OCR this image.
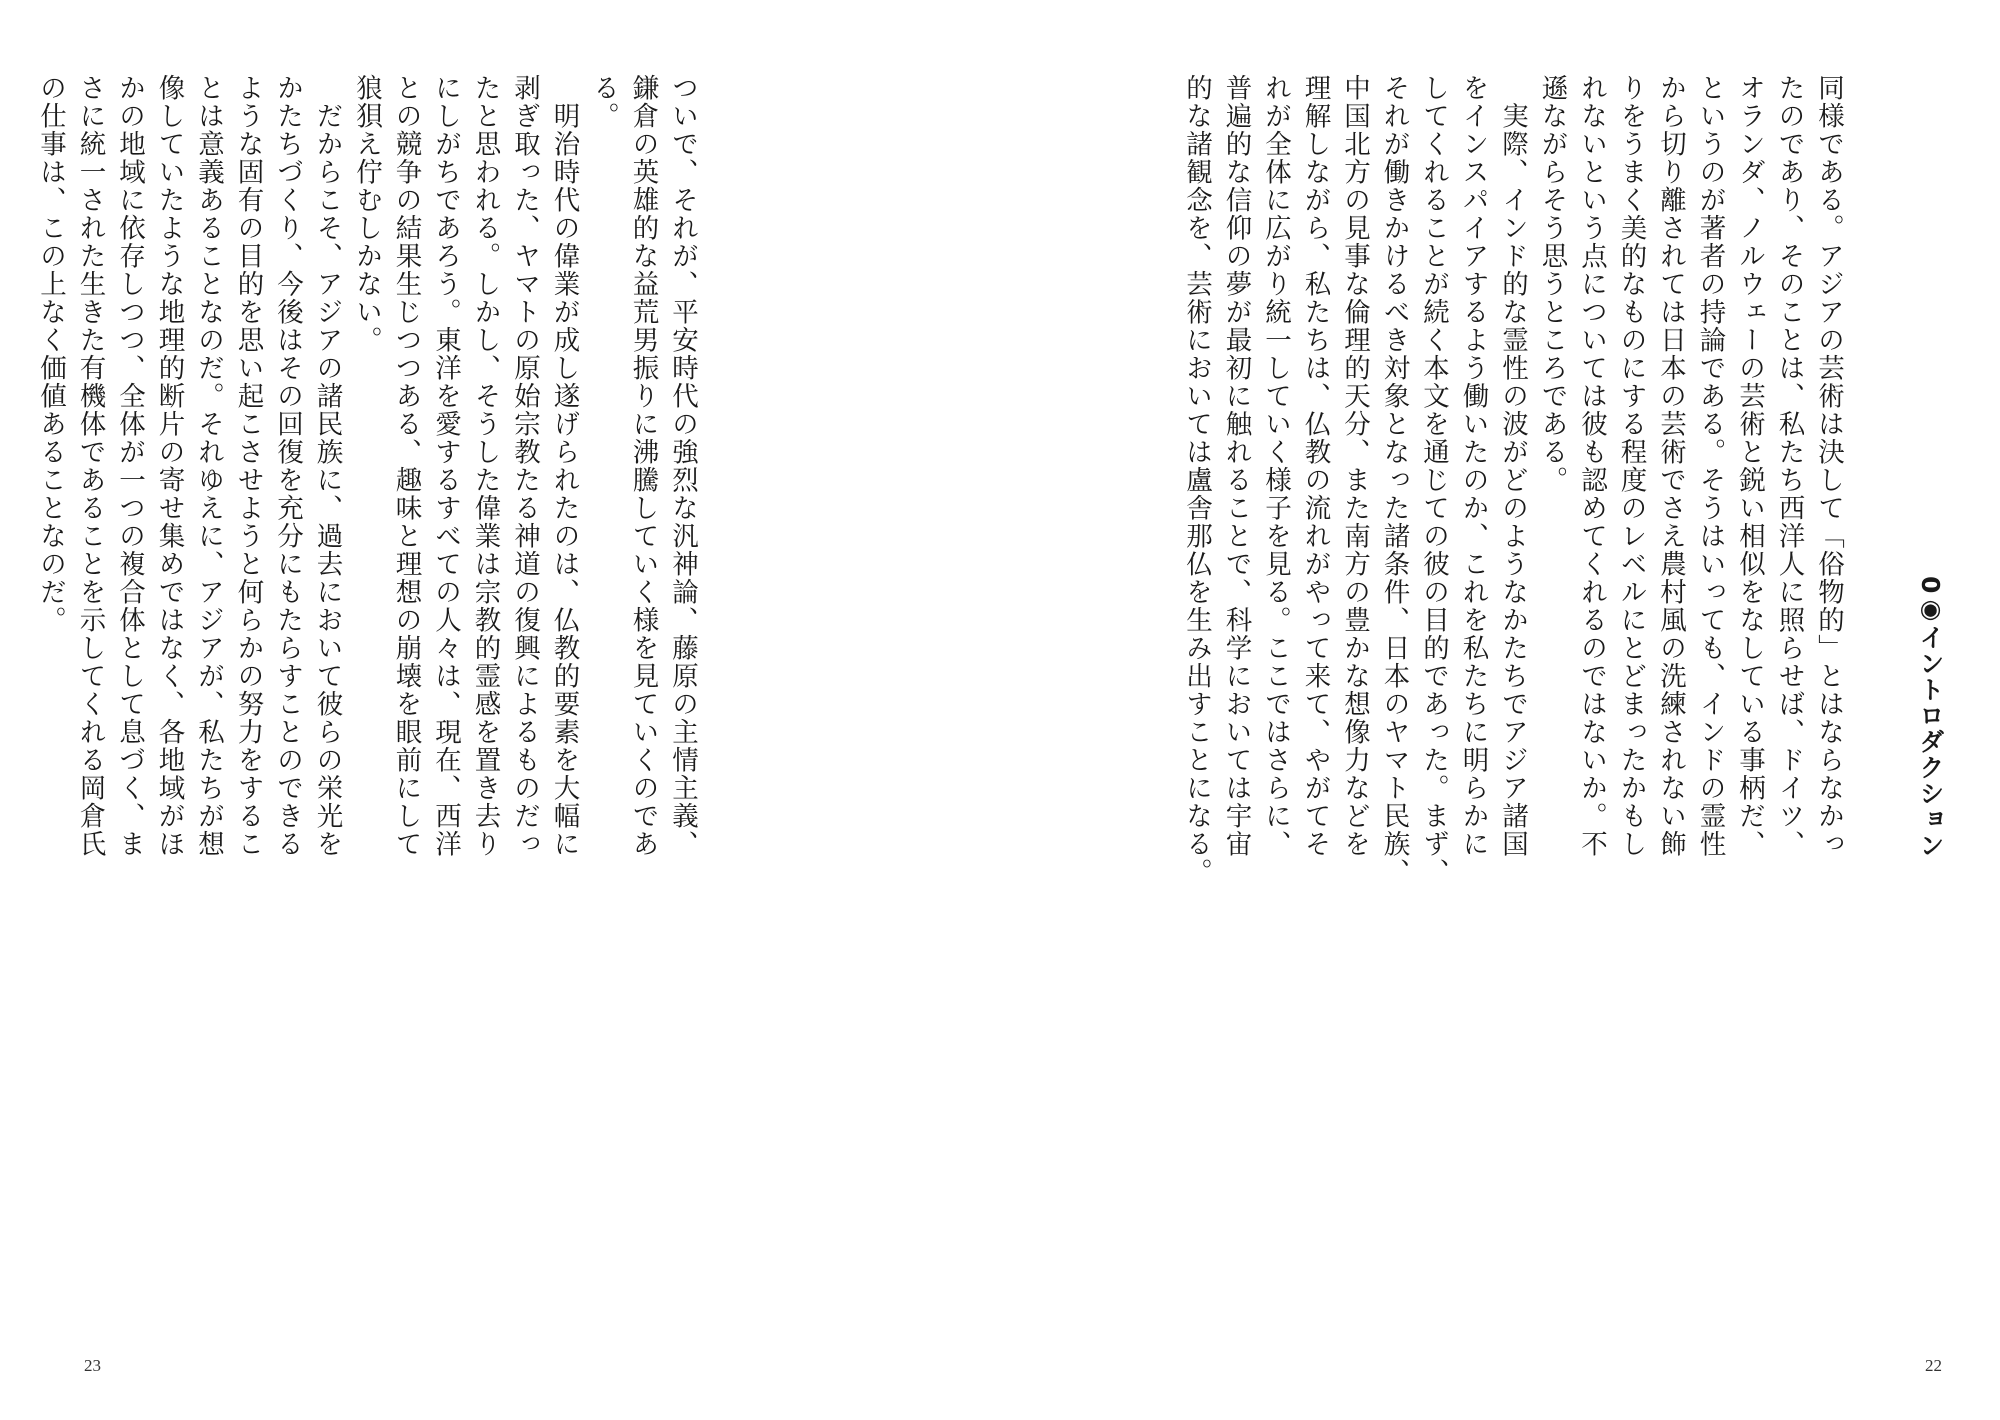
ついで、それが、平安時代の強烈な汎神論、藤原の主情主義、

鎌倉の英雄的な益荒男振りに沸騰していく様を見ていくのであ

る。

　明治時代の偉業が成し遂げられたのは、仏教的要素を大幅に

剥ぎ取った、ヤマトの原始宗教たる神道の復興によるものだっ

たと思われる。しかし、そうした偉業は宗教的霊感を置き去り

にしがちであろう。東洋を愛するすべての人々は、現在、西洋

との競争の結果生じつつある、趣味と理想の崩壊を眼前にして

狼狽え佇むしかない。

　だからこそ、アジアの諸民族に、過去において彼らの栄光を

かたちづくり、今後はその回復を充分にもたらすことのできる

ような固有の目的を思い起こさせようと何らかの努力をするこ

とは意義あることなのだ。それゆえに、アジアが、私たちが想

像していたような地理的断片の寄せ集めではなく、各地域がほ

かの地域に依存しつつ、全体が一つの複合体として息づく、ま

さに統一された生きた有機体であることを示してくれる岡倉氏

の仕事は、この上なく価値あることなのだ。

23
0◉イントロダクション

同様である。アジアの芸術は決して「俗物的」とはならなかっ

たのであり、そのことは、私たち西洋人に照らせば、ドイツ、

オランダ、ノルウェーの芸術と鋭い相似をなしている事柄だ、

というのが著者の持論である。そうはいっても、インドの霊性

から切り離されては日本の芸術でさえ農村風の洗練されない飾

りをうまく美的なものにする程度のレベルにとどまったかもし

れないという点については彼も認めてくれるのではないか。不

遜ながらそう思うところである。

　実際、インド的な霊性の波がどのようなかたちでアジア諸国

をインスパイアするよう働いたのか、これを私たちに明らかに

してくれることが続く本文を通じての彼の目的であった。まず、

それが働きかけるべき対象となった諸条件、日本のヤマト民族、

中国北方の見事な倫理的天分、また南方の豊かな想像力などを

理解しながら、私たちは、仏教の流れがやって来て、やがてそ

れが全体に広がり統一していく様子を見る。ここではさらに、

普遍的な信仰の夢が最初に触れることで、科学においては宇宙

的な諸観念を、芸術においては盧舎那仏を生み出すことになる。

22
